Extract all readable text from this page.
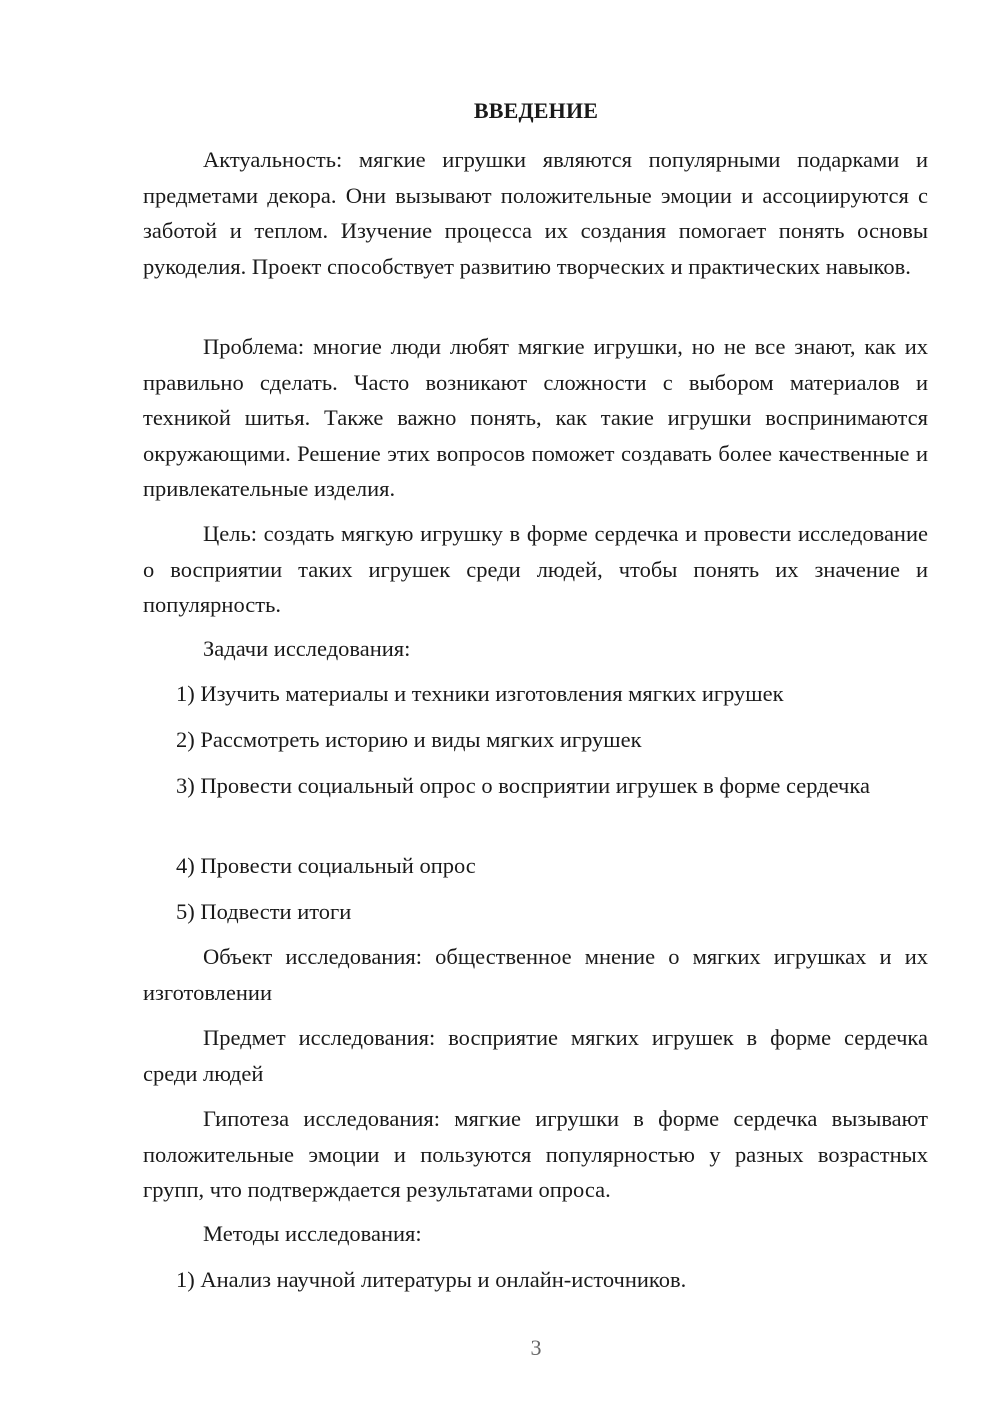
ВВЕДЕНИЕ

Актуальность: мягкие игрушки являются популярными подарками и предметами декора. Они вызывают положительные эмоции и ассоциируются с заботой и теплом. Изучение процесса их создания помогает понять основы рукоделия. Проект способствует развитию творческих и практических навыков.

Проблема: многие люди любят мягкие игрушки, но не все знают, как их правильно сделать. Часто возникают сложности с выбором материалов и техникой шитья. Также важно понять, как такие игрушки воспринимаются окружающими. Решение этих вопросов поможет создавать более качественные и привлекательные изделия.

Цель: создать мягкую игрушку в форме сердечка и провести исследование о восприятии таких игрушек среди людей, чтобы понять их значение и популярность.

Задачи исследования:

1) Изучить материалы и техники изготовления мягких игрушек

2) Рассмотреть историю и виды мягких игрушек

3) Провести социальный опрос о восприятии игрушек в форме сердечка

4) Провести социальный опрос

5) Подвести итоги

Объект исследования: общественное мнение о мягких игрушках и их изготовлении

Предмет исследования: восприятие мягких игрушек в форме сердечка среди людей

Гипотеза исследования: мягкие игрушки в форме сердечка вызывают положительные эмоции и пользуются популярностью у разных возрастных групп, что подтверждается результатами опроса.

Методы исследования:

1) Анализ научной литературы и онлайн-источников.

3
